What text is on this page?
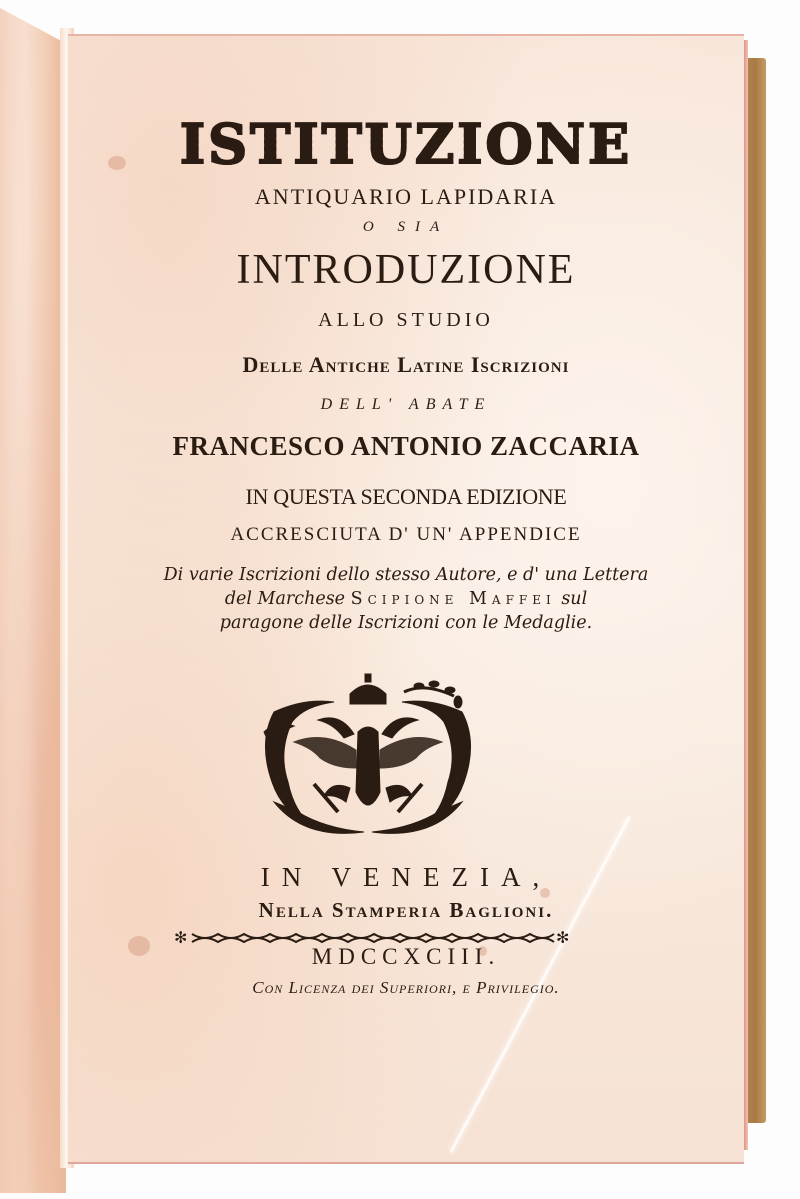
ISTITUZIONE
ANTIQUARIO LAPIDARIA
O SIA
INTRODUZIONE
ALLO STUDIO
Delle Antiche Latine Iscrizioni
DELL' ABATE
FRANCESCO ANTONIO ZACCARIA
IN QUESTA SECONDA EDIZIONE
ACCRESCIUTA D' UN' APPENDICE
Di varie Iscrizioni dello stesso Autore, e d' una Lettera
del Marchese Scipione Maffei sul
paragone delle Iscrizioni con le Medaglie.
IN VENEZIA,
Nella Stamperia Baglioni.
✻	✻
MDCCXCIII.
Con Licenza dei Superiori, e Privilegio.
